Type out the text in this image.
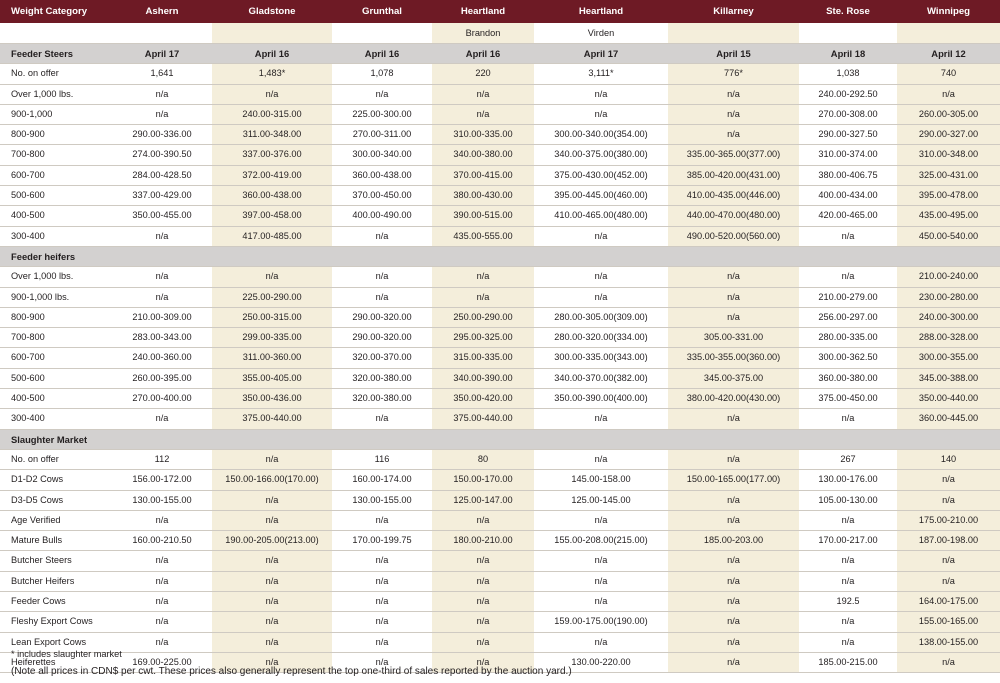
Weight Category	Ashern	Gladstone	Grunthal	Heartland	Heartland	Killarney	Ste. Rose	Winnipeg
				Brandon	Virden			
Feeder Steers	April 17	April 16	April 16	April 16	April 17	April 15	April 18	April 12
No. on offer	1,641	1,483*	1,078	220	3,111*	776*	1,038	740
Over 1,000 lbs.	n/a	n/a	n/a	n/a	n/a	n/a	240.00-292.50	n/a
900-1,000	n/a	240.00-315.00	225.00-300.00	n/a	n/a	n/a	270.00-308.00	260.00-305.00
800-900	290.00-336.00	311.00-348.00	270.00-311.00	310.00-335.00	300.00-340.00(354.00)	n/a	290.00-327.50	290.00-327.00
700-800	274.00-390.50	337.00-376.00	300.00-340.00	340.00-380.00	340.00-375.00(380.00)	335.00-365.00(377.00)	310.00-374.00	310.00-348.00
600-700	284.00-428.50	372.00-419.00	360.00-438.00	370.00-415.00	375.00-430.00(452.00)	385.00-420.00(431.00)	380.00-406.75	325.00-431.00
500-600	337.00-429.00	360.00-438.00	370.00-450.00	380.00-430.00	395.00-445.00(460.00)	410.00-435.00(446.00)	400.00-434.00	395.00-478.00
400-500	350.00-455.00	397.00-458.00	400.00-490.00	390.00-515.00	410.00-465.00(480.00)	440.00-470.00(480.00)	420.00-465.00	435.00-495.00
300-400	n/a	417.00-485.00	n/a	435.00-555.00	n/a	490.00-520.00(560.00)	n/a	450.00-540.00
Feeder heifers								
Over 1,000 lbs.	n/a	n/a	n/a	n/a	n/a	n/a	n/a	210.00-240.00
900-1,000 lbs.	n/a	225.00-290.00	n/a	n/a	n/a	n/a	210.00-279.00	230.00-280.00
800-900	210.00-309.00	250.00-315.00	290.00-320.00	250.00-290.00	280.00-305.00(309.00)	n/a	256.00-297.00	240.00-300.00
700-800	283.00-343.00	299.00-335.00	290.00-320.00	295.00-325.00	280.00-320.00(334.00)	305.00-331.00	280.00-335.00	288.00-328.00
600-700	240.00-360.00	311.00-360.00	320.00-370.00	315.00-335.00	300.00-335.00(343.00)	335.00-355.00(360.00)	300.00-362.50	300.00-355.00
500-600	260.00-395.00	355.00-405.00	320.00-380.00	340.00-390.00	340.00-370.00(382.00)	345.00-375.00	360.00-380.00	345.00-388.00
400-500	270.00-400.00	350.00-436.00	320.00-380.00	350.00-420.00	350.00-390.00(400.00)	380.00-420.00(430.00)	375.00-450.00	350.00-440.00
300-400	n/a	375.00-440.00	n/a	375.00-440.00	n/a	n/a	n/a	360.00-445.00
Slaughter Market								
No. on offer	112	n/a	116	80	n/a	n/a	267	140
D1-D2 Cows	156.00-172.00	150.00-166.00(170.00)	160.00-174.00	150.00-170.00	145.00-158.00	150.00-165.00(177.00)	130.00-176.00	n/a
D3-D5 Cows	130.00-155.00	n/a	130.00-155.00	125.00-147.00	125.00-145.00	n/a	105.00-130.00	n/a
Age Verified	n/a	n/a	n/a	n/a	n/a	n/a	n/a	175.00-210.00
Mature Bulls	160.00-210.50	190.00-205.00(213.00)	170.00-199.75	180.00-210.00	155.00-208.00(215.00)	185.00-203.00	170.00-217.00	187.00-198.00
Butcher Steers	n/a	n/a	n/a	n/a	n/a	n/a	n/a	n/a
Butcher Heifers	n/a	n/a	n/a	n/a	n/a	n/a	n/a	n/a
Feeder Cows	n/a	n/a	n/a	n/a	n/a	n/a	192.5	164.00-175.00
Fleshy Export Cows	n/a	n/a	n/a	n/a	159.00-175.00(190.00)	n/a	n/a	155.00-165.00
Lean Export Cows	n/a	n/a	n/a	n/a	n/a	n/a	n/a	138.00-155.00
Heiferettes	169.00-225.00	n/a	n/a	n/a	130.00-220.00	n/a	185.00-215.00	n/a
* includes slaughter market
(Note all prices in CDN$ per cwt. These prices also generally represent the top one-third of sales reported by the auction yard.)
